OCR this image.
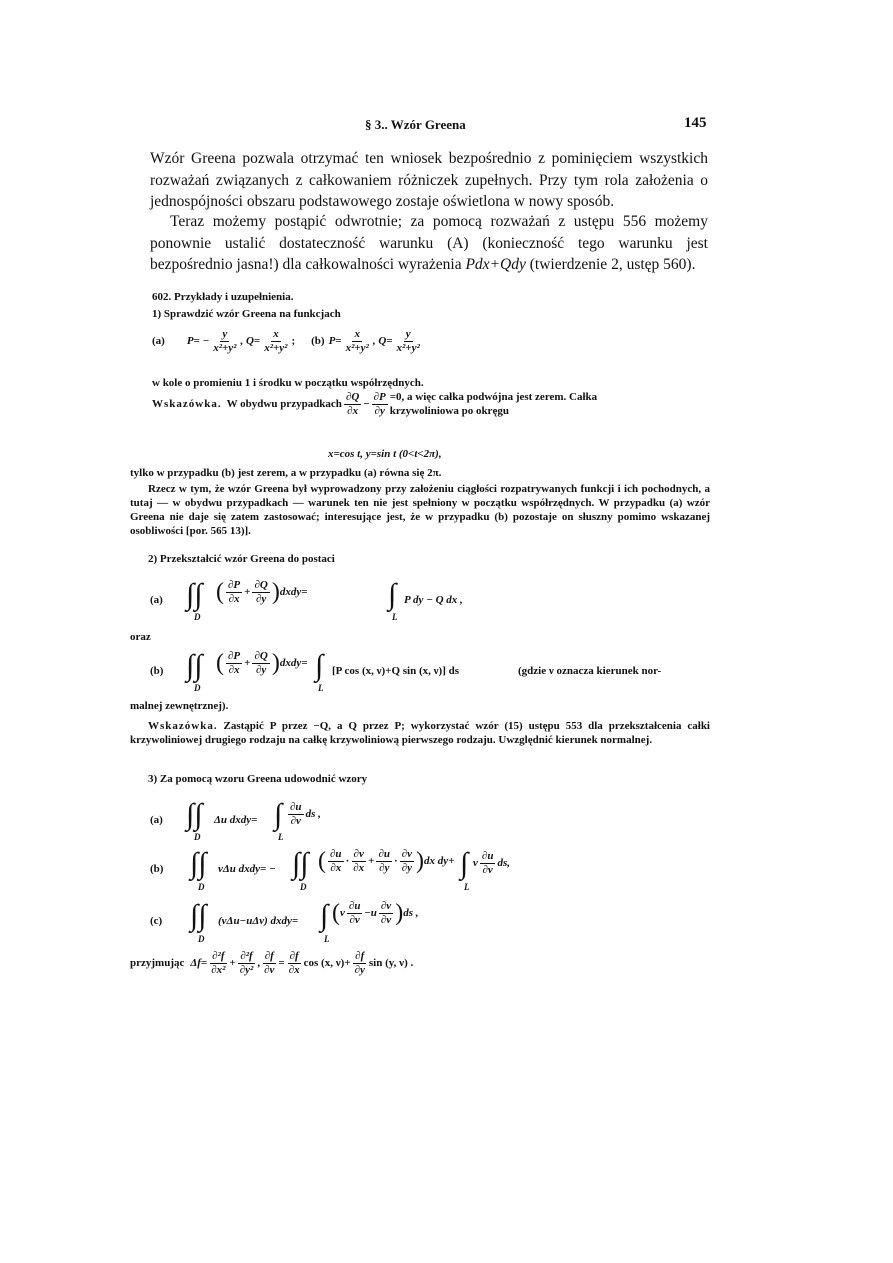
§ 3.. Wzór Greena	145
Wzór Greena pozwala otrzymać ten wniosek bezpośrednio z pominięciem wszystkich rozważań związanych z całkowaniem różniczek zupełnych. Przy tym rola założenia o jednospójności obszaru podstawowego zostaje oświetlona w nowy sposób.
Teraz możemy postąpić odwrotnie; za pomocą rozważań z ustępu 556 możemy ponownie ustalić dostateczność warunku (A) (konieczność tego warunku jest bezpośrednio jasna!) dla całkowalności wyrażenia Pdx+Qdy (twierdzenie 2, ustęp 560).
602. Przykłady i uzupełnienia.
1) Sprawdzić wzór Greena na funkcjach
(a) $P= - \frac{y}{\text{x²+y²}}$ , $Q= \frac{x}{\text{x²+y²}}$ ; (b) $P= \frac{x}{\text{x²+y²}}$ , $Q= \frac{y}{\text{x²+y²}}$
w kole o promieniu 1 i środku w początku współrzędnych.
Wskazówka. W obydwu przypadkach $\frac{\partial Q}{\partial x} - \frac{\partial P}{\partial y} =0$, a więc całka podwójna jest zerem. Całka krzywoliniowa po okręgu
x=cos t, y=sin t (0<t<2π),
tylko w przypadku (b) jest zerem, a w przypadku (a) równa się 2π.
Rzecz w tym, że wzór Greena był wyprowadzony przy założeniu ciągłości rozpatrywanych funkcji i ich pochodnych, a tutaj — w obydwu przypadkach — warunek ten nie jest spełniony w początku współrzędnych. W przypadku (a) wzór Greena nie daje się zatem zastosować; interesujące jest, że w przypadku (b) pozostaje on słuszny pomimo wskazanej osobliwości [por. 565 13)].
2) Przekształcić wzór Greena do postaci
(a) ∫∫
D
( $\frac{\partial P}{\partial x} + \frac{\partial Q}{\partial y}$ ) dxdy=	∫
L
P dy − Q dx ,
oraz
(b) ∫∫
D
( $\frac{\partial P}{\partial x} + \frac{\partial Q}{\partial y}$ ) dxdy= ∫
L
[P cos (x, ν)+Q sin (x, ν)] ds	(gdzie ν oznacza kierunek nor-
malnej zewnętrznej).
Wskazówka. Zastąpić P przez −Q, a Q przez P; wykorzystać wzór (15) ustępu 553 dla przekształcenia całki krzywoliniowej drugiego rodzaju na całkę krzywoliniową pierwszego rodzaju. Uwzględnić kierunek normalnej.
3) Za pomocą wzoru Greena udowodnić wzory
(a) ∫∫
D
Δu dxdy= ∫
L
$\frac{\partial u}{\partial\nu}$ ds ,
(b) ∫∫
D
vΔu dxdy= − ∫∫
D
( $\frac{\partial u}{\partial x} \cdot \frac{\partial v}{\partial x} + \frac{\partial u}{\partial y} \cdot \frac{\partial v}{\partial y}$ ) dx dy+ ∫
L
v $\frac{\partial u}{\partial\nu}$ ds,
(c) ∫∫
D
(vΔu−uΔv) dxdy= ∫
L
( v $\frac{\partial u}{\partial\nu} - u \frac{\partial v}{\partial\nu}$ ) ds ,
przyjmując $\Delta f= \frac{\text{∂²f}}{\text{∂x²}} + \frac{\text{∂²f}}{\text{∂y²}}$ , $\frac{\partial f}{\partial\nu} = \frac{\partial f}{\partial x}$ cos (x, $\nu)+ \frac{\partial f}{\partial y}$ sin (y, ν) .
